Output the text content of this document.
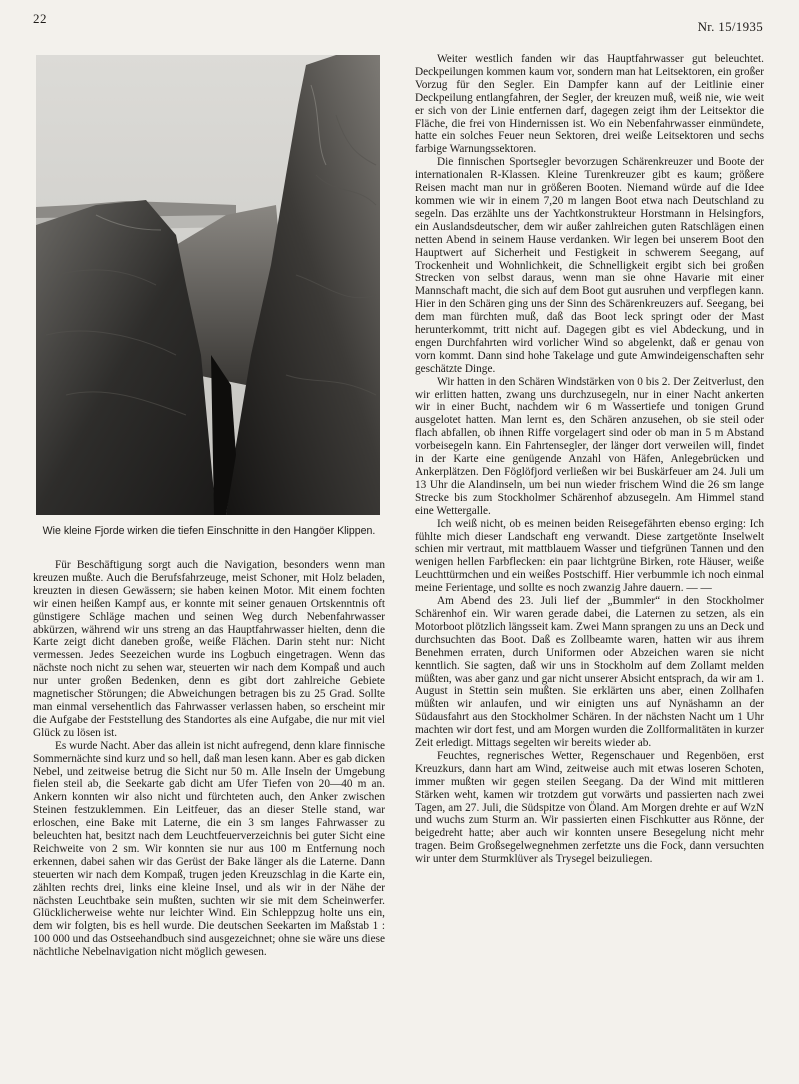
22
Nr. 15/1935
Wie kleine Fjorde wirken die tiefen Einschnitte in den Hangöer Klippen.

Für Beschäftigung sorgt auch die Navigation, besonders wenn man kreuzen mußte. Auch die Berufsfahrzeuge, meist Schoner, mit Holz beladen, kreuzten in diesen Gewässern; sie haben keinen Motor. Mit einem fochten wir einen heißen Kampf aus, er konnte mit seiner genauen Ortskenntnis oft günstigere Schläge machen und seinen Weg durch Nebenfahrwasser abkürzen, während wir uns streng an das Hauptfahrwasser hielten, denn die Karte zeigt dicht daneben große, weiße Flächen. Darin steht nur: Nicht vermessen. Jedes Seezeichen wurde ins Logbuch eingetragen. Wenn das nächste noch nicht zu sehen war, steuerten wir nach dem Kompaß und auch nur unter großen Bedenken, denn es gibt dort zahlreiche Gebiete magnetischer Störungen; die Abweichungen betragen bis zu 25 Grad. Sollte man einmal versehentlich das Fahrwasser verlassen haben, so erscheint mir die Aufgabe der Feststellung des Standortes als eine Aufgabe, die nur mit viel Glück zu lösen ist.

Es wurde Nacht. Aber das allein ist nicht aufregend, denn klare finnische Sommernächte sind kurz und so hell, daß man lesen kann. Aber es gab dicken Nebel, und zeitweise betrug die Sicht nur 50 m. Alle Inseln der Umgebung fielen steil ab, die Seekarte gab dicht am Ufer Tiefen von 20—40 m an. Ankern konnten wir also nicht und fürchteten auch, den Anker zwischen Steinen festzuklemmen. Ein Leitfeuer, das an dieser Stelle stand, war erloschen, eine Bake mit Laterne, die ein 3 sm langes Fahrwasser zu beleuchten hat, besitzt nach dem Leuchtfeuerverzeichnis bei guter Sicht eine Reichweite von 2 sm. Wir konnten sie nur aus 100 m Entfernung noch erkennen, dabei sahen wir das Gerüst der Bake länger als die Laterne. Dann steuerten wir nach dem Kompaß, trugen jeden Kreuzschlag in die Karte ein, zählten rechts drei, links eine kleine Insel, und als wir in der Nähe der nächsten Leuchtbake sein mußten, suchten wir sie mit dem Scheinwerfer. Glücklicherweise wehte nur leichter Wind. Ein Schleppzug holte uns ein, dem wir folgten, bis es hell wurde. Die deutschen Seekarten im Maßstab 1 : 100 000 und das Ostseehandbuch sind ausgezeichnet; ohne sie wäre uns diese nächtliche Nebelnavigation nicht möglich gewesen.

Weiter westlich fanden wir das Hauptfahrwasser gut beleuchtet. Deckpeilungen kommen kaum vor, sondern man hat Leitsektoren, ein großer Vorzug für den Segler. Ein Dampfer kann auf der Leitlinie einer Deckpeilung entlangfahren, der Segler, der kreuzen muß, weiß nie, wie weit er sich von der Linie entfernen darf, dagegen zeigt ihm der Leitsektor die Fläche, die frei von Hindernissen ist. Wo ein Nebenfahrwasser einmündete, hatte ein solches Feuer neun Sektoren, drei weiße Leitsektoren und sechs farbige Warnungssektoren.

Die finnischen Sportsegler bevorzugen Schärenkreuzer und Boote der internationalen R-Klassen. Kleine Turenkreuzer gibt es kaum; größere Reisen macht man nur in größeren Booten. Niemand würde auf die Idee kommen wie wir in einem 7,20 m langen Boot etwa nach Deutschland zu segeln. Das erzählte uns der Yachtkonstrukteur Horstmann in Helsingfors, ein Auslandsdeutscher, dem wir außer zahlreichen guten Ratschlägen einen netten Abend in seinem Hause verdanken. Wir legen bei unserem Boot den Hauptwert auf Sicherheit und Festigkeit in schwerem Seegang, auf Trockenheit und Wohnlichkeit, die Schnelligkeit ergibt sich bei großen Strecken von selbst daraus, wenn man sie ohne Havarie mit einer Mannschaft macht, die sich auf dem Boot gut ausruhen und verpflegen kann. Hier in den Schären ging uns der Sinn des Schärenkreuzers auf. Seegang, bei dem man fürchten muß, daß das Boot leck springt oder der Mast herunterkommt, tritt nicht auf. Dagegen gibt es viel Abdeckung, und in engen Durchfahrten wird vorlicher Wind so abgelenkt, daß er genau von vorn kommt. Dann sind hohe Takelage und gute Amwindeigenschaften sehr geschätzte Dinge.

Wir hatten in den Schären Windstärken von 0 bis 2. Der Zeitverlust, den wir erlitten hatten, zwang uns durchzusegeln, nur in einer Nacht ankerten wir in einer Bucht, nachdem wir 6 m Wassertiefe und tonigen Grund ausgelotet hatten. Man lernt es, den Schären anzusehen, ob sie steil oder flach abfallen, ob ihnen Riffe vorgelagert sind oder ob man in 5 m Abstand vorbeisegeln kann. Ein Fahrtensegler, der länger dort verweilen will, findet in der Karte eine genügende Anzahl von Häfen, Anlegebrücken und Ankerplätzen. Den Föglöfjord verließen wir bei Buskärfeuer am 24. Juli um 13 Uhr die Alandinseln, um bei nun wieder frischem Wind die 26 sm lange Strecke bis zum Stockholmer Schärenhof abzusegeln. Am Himmel stand eine Wettergalle.

Ich weiß nicht, ob es meinen beiden Reisegefährten ebenso erging: Ich fühlte mich dieser Landschaft eng verwandt. Diese zartgetönte Inselwelt schien mir vertraut, mit mattblauem Wasser und tiefgrünen Tannen und den wenigen hellen Farbflecken: ein paar lichtgrüne Birken, rote Häuser, weiße Leuchttürmchen und ein weißes Postschiff. Hier verbummle ich noch einmal meine Ferientage, und sollte es noch zwanzig Jahre dauern. — —

Am Abend des 23. Juli lief der „Bummler“ in den Stockholmer Schärenhof ein. Wir waren gerade dabei, die Laternen zu setzen, als ein Motorboot plötzlich längsseit kam. Zwei Mann sprangen zu uns an Deck und durchsuchten das Boot. Daß es Zollbeamte waren, hatten wir aus ihrem Benehmen erraten, durch Uniformen oder Abzeichen waren sie nicht kenntlich. Sie sagten, daß wir uns in Stockholm auf dem Zollamt melden müßten, was aber ganz und gar nicht unserer Absicht entsprach, da wir am 1. August in Stettin sein mußten. Sie erklärten uns aber, einen Zollhafen müßten wir anlaufen, und wir einigten uns auf Nynäshamn an der Südausfahrt aus den Stockholmer Schären. In der nächsten Nacht um 1 Uhr machten wir dort fest, und am Morgen wurden die Zollformalitäten in kurzer Zeit erledigt. Mittags segelten wir bereits wieder ab.

Feuchtes, regnerisches Wetter, Regenschauer und Regenböen, erst Kreuzkurs, dann hart am Wind, zeitweise auch mit etwas loseren Schoten, immer mußten wir gegen steilen Seegang. Da der Wind mit mittleren Stärken weht, kamen wir trotzdem gut vorwärts und passierten nach zwei Tagen, am 27. Juli, die Südspitze von Öland. Am Morgen drehte er auf WzN und wuchs zum Sturm an. Wir passierten einen Fischkutter aus Rönne, der beigedreht hatte; aber auch wir konnten unsere Besegelung nicht mehr tragen. Beim Großsegelwegnehmen zerfetzte uns die Fock, dann versuchten wir unter dem Sturmklüver als Trysegel beizuliegen.
